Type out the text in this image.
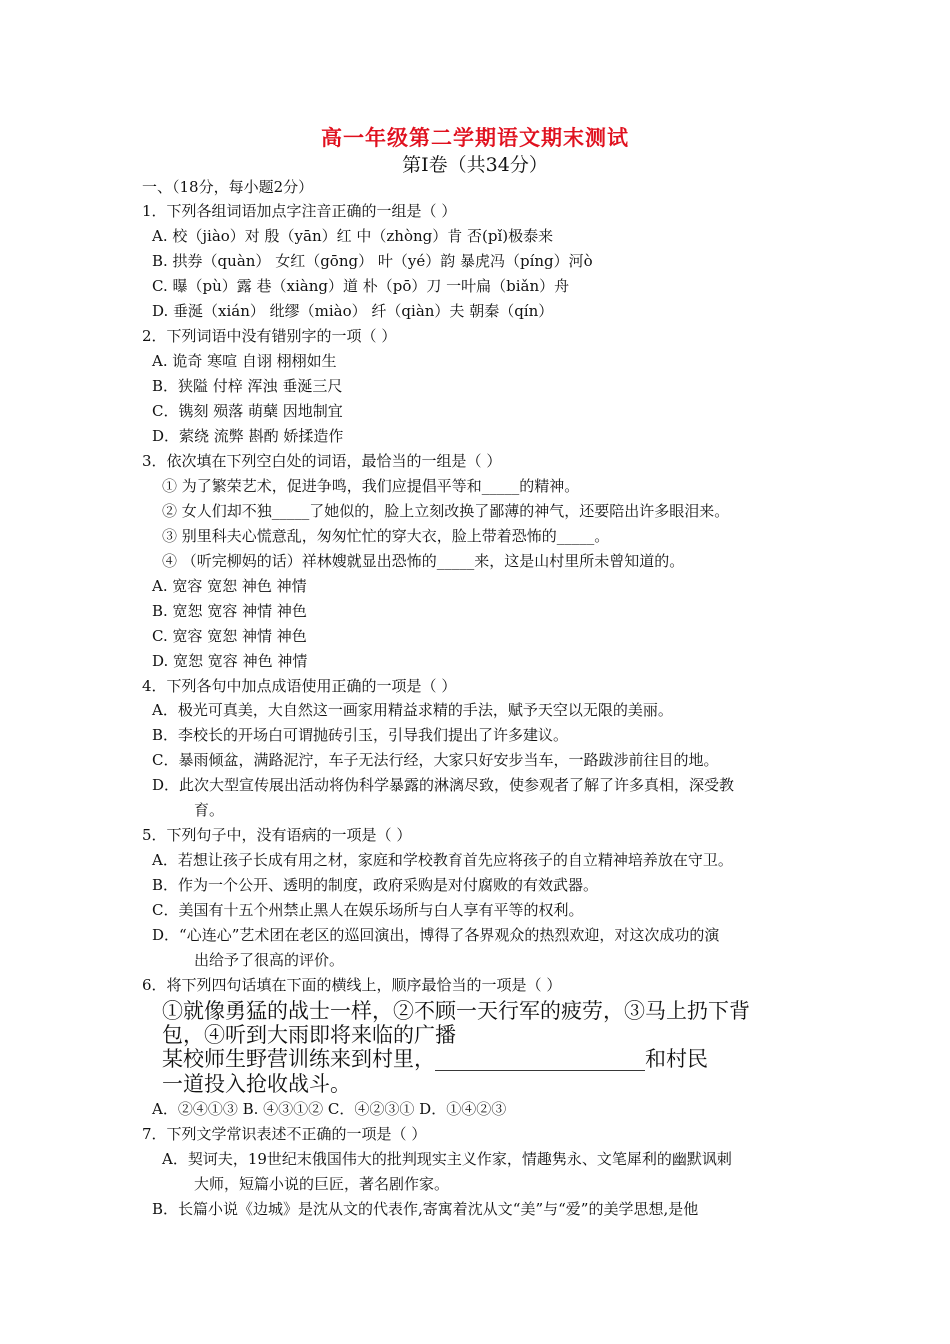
高一年级第二学期语文期末测试
第Ⅰ卷（共34分）
一、（18分，每小题2分）
1．下列各组词语加点字注音正确的一组是（ ）
A. 校（jiào）对 殷（yān）红 中（zhòng）肯 否(pǐ)极泰来
B. 拱券（quàn） 女红（gōng） 叶（yé）韵 暴虎冯（píng）河ò
C. 曝（pù）露 巷（xiàng）道 朴（pō）刀 一叶扁（biǎn）舟
D. 垂涎（xián） 纰缪（miào） 纤（qiàn）夫 朝秦（qín）
2．下列词语中没有错别字的一项（ ）
A. 诡奇 寒喧 自诩 栩栩如生
B．狭隘 付梓 浑浊 垂涎三尺
C．镌刻 殒落 萌蘖 因地制宜
D．萦绕 流弊 斟酌 娇揉造作
3．依次填在下列空白处的词语，最恰当的一组是（ ）
① 为了繁荣艺术，促进争鸣，我们应提倡平等和_____的精神。
② 女人们却不独_____了她似的，脸上立刻改换了鄙薄的神气，还要陪出许多眼泪来。
③ 别里科夫心慌意乱，匆匆忙忙的穿大衣，脸上带着恐怖的_____。
④ （听完柳妈的话）祥林嫂就显出恐怖的_____来，这是山村里所未曾知道的。
A. 宽容 宽恕 神色 神情
B. 宽恕 宽容 神情 神色
C. 宽容 宽恕 神情 神色
D. 宽恕 宽容 神色 神情
4．下列各句中加点成语使用正确的一项是（ ）
A．极光可真美，大自然这一画家用精益求精的手法，赋予天空以无限的美丽。
B．李校长的开场白可谓抛砖引玉，引导我们提出了许多建议。
C．暴雨倾盆，满路泥泞，车子无法行经，大家只好安步当车，一路跋涉前往目的地。
D．此次大型宣传展出活动将伪科学暴露的淋漓尽致，使参观者了解了许多真相，深受教
育。
5．下列句子中，没有语病的一项是（ ）
A．若想让孩子长成有用之材，家庭和学校教育首先应将孩子的自立精神培养放在守卫。
B．作为一个公开、透明的制度，政府采购是对付腐败的有效武器。
C．美国有十五个州禁止黑人在娱乐场所与白人享有平等的权利。
D．“心连心”艺术团在老区的巡回演出，博得了各界观众的热烈欢迎，对这次成功的演
出给予了很高的评价。
6．将下列四句话填在下面的横线上，顺序最恰当的一项是（ ）
①就像勇猛的战士一样，②不顾一天行军的疲劳，③马上扔下背
包，④听到大雨即将来临的广播
某校师生野营训练来到村里，____________________和村民
一道投入抢收战斗。
A．②④①③ B. ④③①② C．④②③① D．①④②③
7．下列文学常识表述不正确的一项是（ ）
A．契诃夫，19世纪末俄国伟大的批判现实主义作家，情趣隽永、文笔犀利的幽默讽刺
大师，短篇小说的巨匠，著名剧作家。
B．长篇小说《边城》是沈从文的代表作,寄寓着沈从文“美”与“爱”的美学思想,是他
